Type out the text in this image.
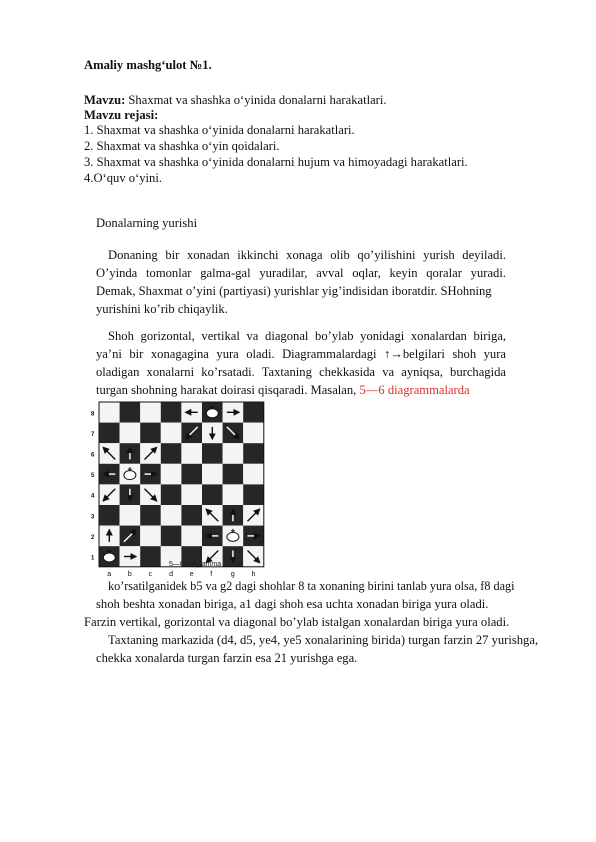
Amaliy mashg‘ulot №1.
Mavzu: Shaxmat va shashka o‘yinida donalarni harakatlari.
Mavzu rejasi:
1. Shaxmat va shashka o‘yinida donalarni harakatlari.
2. Shaxmat va shashka o‘yin qoidalari.
3. Shaxmat va shashka o‘yinida donalarni hujum va himoyadagi harakatlari.
4.O‘quv o‘yini.
Donalarning yurishi
Donaning bir xonadan ikkinchi xonaga olib qo’yilishini yurish deyiladi.
O’yinda tomonlar galma-gal yuradilar, avval oqlar, keyin qoralar yuradi.
Demak, Shaxmat o’yini (partiyasi) yurishlar yig’indisidan iboratdir. SHohning
yurishini ko’rib chiqaylik.
Shoh gorizontal, vertikal va diagonal bo’ylab yonidagi xonalardan biriga,
ya’ni bir xonagagina yura oladi. Diagrammalardagi ↑→belgilari shoh yura
oladigan xonalarni ko’rsatadi. Taxtaning chekkasida va ayniqsa, burchagida
turgan shohning harakat doirasi qisqaradi. Masalan, 5—6 diagrammalarda
8
7
6
5
4
3
2
1
a b c d e f	g h
5—6-diagramma
ko’rsatilganidek b5 va g2 dagi shohlar 8 ta xonaning birini tanlab yura olsa, f8 dagi
shoh beshta xonadan biriga, a1 dagi shoh esa uchta xonadan biriga yura oladi.
Farzin vertikal, gorizontal va diagonal bo’ylab istalgan xonalardan biriga yura oladi.
Taxtaning markazida (d4, d5, ye4, ye5 xonalarining birida) turgan farzin 27 yurishga,
chekka xonalarda turgan farzin esa 21 yurishga ega.
